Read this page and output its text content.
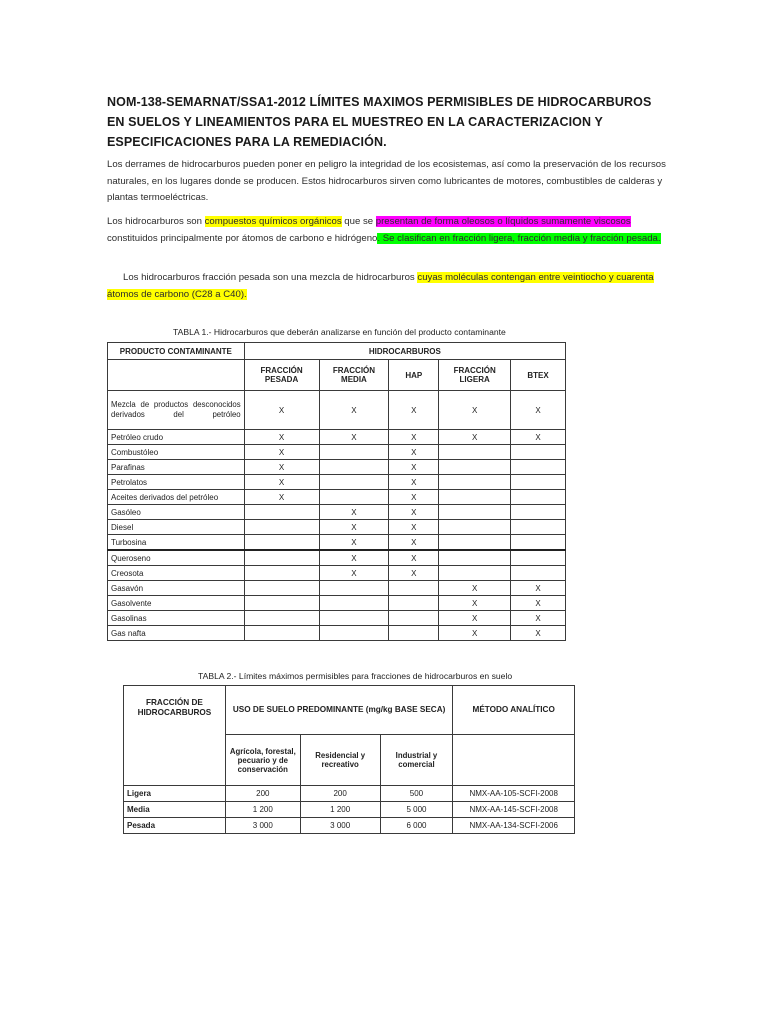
NOM-138-SEMARNAT/SSA1-2012 LÍMITES MAXIMOS PERMISIBLES DE HIDROCARBUROS EN SUELOS Y LINEAMIENTOS PARA EL MUESTREO EN LA CARACTERIZACION Y ESPECIFICACIONES PARA LA REMEDIACIÓN.
Los derrames de hidrocarburos pueden poner en peligro la integridad de los ecosistemas, así como la preservación de los recursos naturales, en los lugares donde se producen. Estos hidrocarburos sirven como lubricantes de motores, combustibles de calderas y plantas termoeléctricas.
Los hidrocarburos son compuestos químicos orgánicos que se presentan de forma oleosos o líquidos sumamente viscosos constituidos principalmente por átomos de carbono e hidrógeno. Se clasifican en fracción ligera, fracción media y fracción pesada.
Los hidrocarburos fracción pesada son una mezcla de hidrocarburos cuyas moléculas contengan entre veintiocho y cuarenta átomos de carbono (C28 a C40).
TABLA 1.- Hidrocarburos que deberán analizarse en función del producto contaminante
PRODUCTO CONTAMINANTE	HIDROCARBUROS				
	FRACCIÓN PESADA	FRACCIÓN MEDIA	HAP	FRACCIÓN LIGERA	BTEX
Mezcla de productos desconocidos derivados del petróleo	X	X	X	X	X
Petróleo crudo	X	X	X	X	X
Combustóleo	X		X		
Parafinas	X		X		
Petrolatos	X		X		
Aceites derivados del petróleo	X		X		
Gasóleo		X	X		
Diesel		X	X		
Turbosina		X	X		
Queroseno		X	X		
Creosota		X	X		
Gasavón				X	X
Gasolvente				X	X
Gasolinas				X	X
Gas nafta				X	X
TABLA 2.- Límites máximos permisibles para fracciones de hidrocarburos en suelo
FRACCIÓN DE HIDROCARBUROS	USO DE SUELO PREDOMINANTE (mg/kg BASE SECA)			MÉTODO ANALÍTICO
	Agrícola, forestal, pecuario y de conservación	Residencial y recreativo	Industrial y comercial	
Ligera	200	200	500	NMX-AA-105-SCFI-2008
Media	1 200	1 200	5 000	NMX-AA-145-SCFI-2008
Pesada	3 000	3 000	6 000	NMX-AA-134-SCFI-2006
